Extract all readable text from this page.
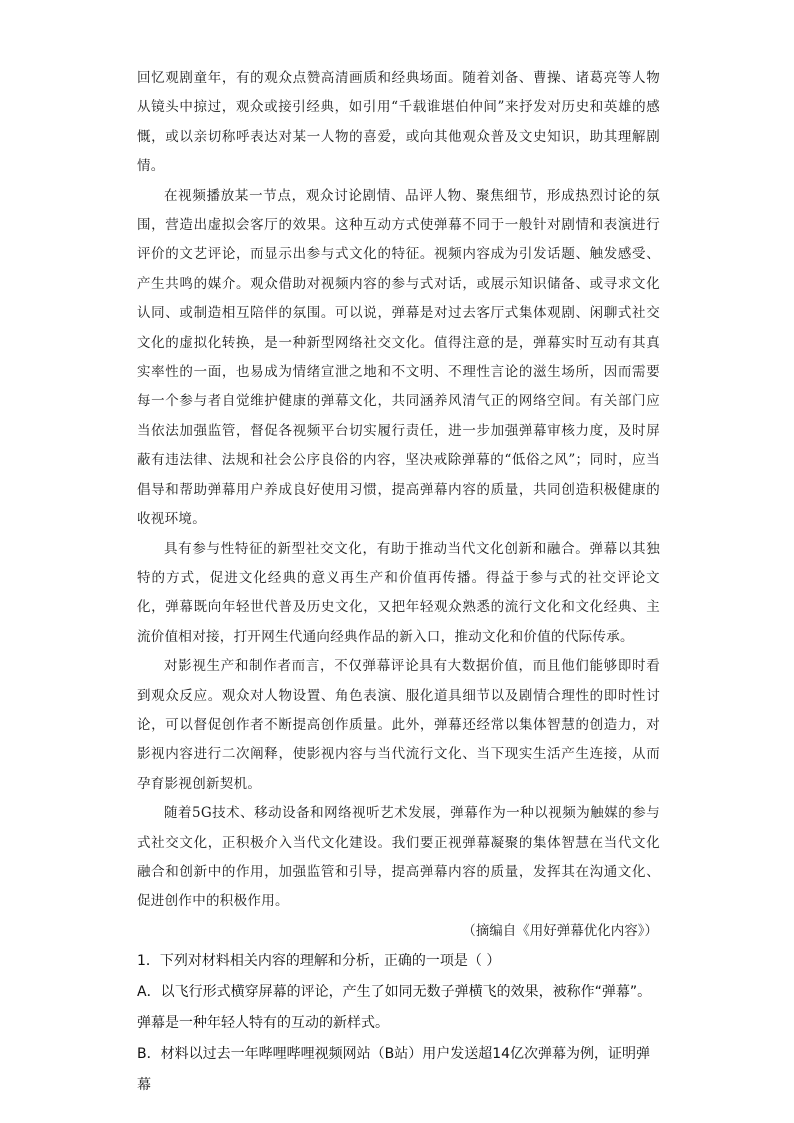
回忆观剧童年，有的观众点赞高清画质和经典场面。随着刘备、曹操、诸葛亮等人物从镜头中掠过，观众或接引经典，如引用“千载谁堪伯仲间”来抒发对历史和英雄的感慨，或以亲切称呼表达对某一人物的喜爱，或向其他观众普及文史知识，助其理解剧情。

在视频播放某一节点，观众讨论剧情、品评人物、聚焦细节，形成热烈讨论的氛围，营造出虚拟会客厅的效果。这种互动方式使弹幕不同于一般针对剧情和表演进行评价的文艺评论，而显示出参与式文化的特征。视频内容成为引发话题、触发感受、产生共鸣的媒介。观众借助对视频内容的参与式对话，或展示知识储备、或寻求文化认同、或制造相互陪伴的氛围。可以说，弹幕是对过去客厅式集体观剧、闲聊式社交文化的虚拟化转换，是一种新型网络社交文化。值得注意的是，弹幕实时互动有其真实率性的一面，也易成为情绪宣泄之地和不文明、不理性言论的滋生场所，因而需要每一个参与者自觉维护健康的弹幕文化，共同涵养风清气正的网络空间。有关部门应当依法加强监管，督促各视频平台切实履行责任，进一步加强弹幕审核力度，及时屏蔽有违法律、法规和社会公序良俗的内容，坚决戒除弹幕的“低俗之风”；同时，应当倡导和帮助弹幕用户养成良好使用习惯，提高弹幕内容的质量，共同创造积极健康的收视环境。

具有参与性特征的新型社交文化，有助于推动当代文化创新和融合。弹幕以其独特的方式，促进文化经典的意义再生产和价值再传播。得益于参与式的社交评论文化，弹幕既向年轻世代普及历史文化，又把年轻观众熟悉的流行文化和文化经典、主流价值相对接，打开网生代通向经典作品的新入口，推动文化和价值的代际传承。

对影视生产和制作者而言，不仅弹幕评论具有大数据价值，而且他们能够即时看到观众反应。观众对人物设置、角色表演、服化道具细节以及剧情合理性的即时性讨论，可以督促创作者不断提高创作质量。此外，弹幕还经常以集体智慧的创造力，对影视内容进行二次阐释，使影视内容与当代流行文化、当下现实生活产生连接，从而孕育影视创新契机。

随着5G技术、移动设备和网络视听艺术发展，弹幕作为一种以视频为触媒的参与式社交文化，正积极介入当代文化建设。我们要正视弹幕凝聚的集体智慧在当代文化融合和创新中的作用，加强监管和引导，提高弹幕内容的质量，发挥其在沟通文化、促进创作中的积极作用。

（摘编自《用好弹幕优化内容》）

1．下列对材料相关内容的理解和分析，正确的一项是（ ）

A．以飞行形式横穿屏幕的评论，产生了如同无数子弹横飞的效果，被称作“弹幕”。

弹幕是一种年轻人特有的互动的新样式。

B．材料以过去一年哔哩哔哩视频网站（B站）用户发送超14亿次弹幕为例，证明弹幕
